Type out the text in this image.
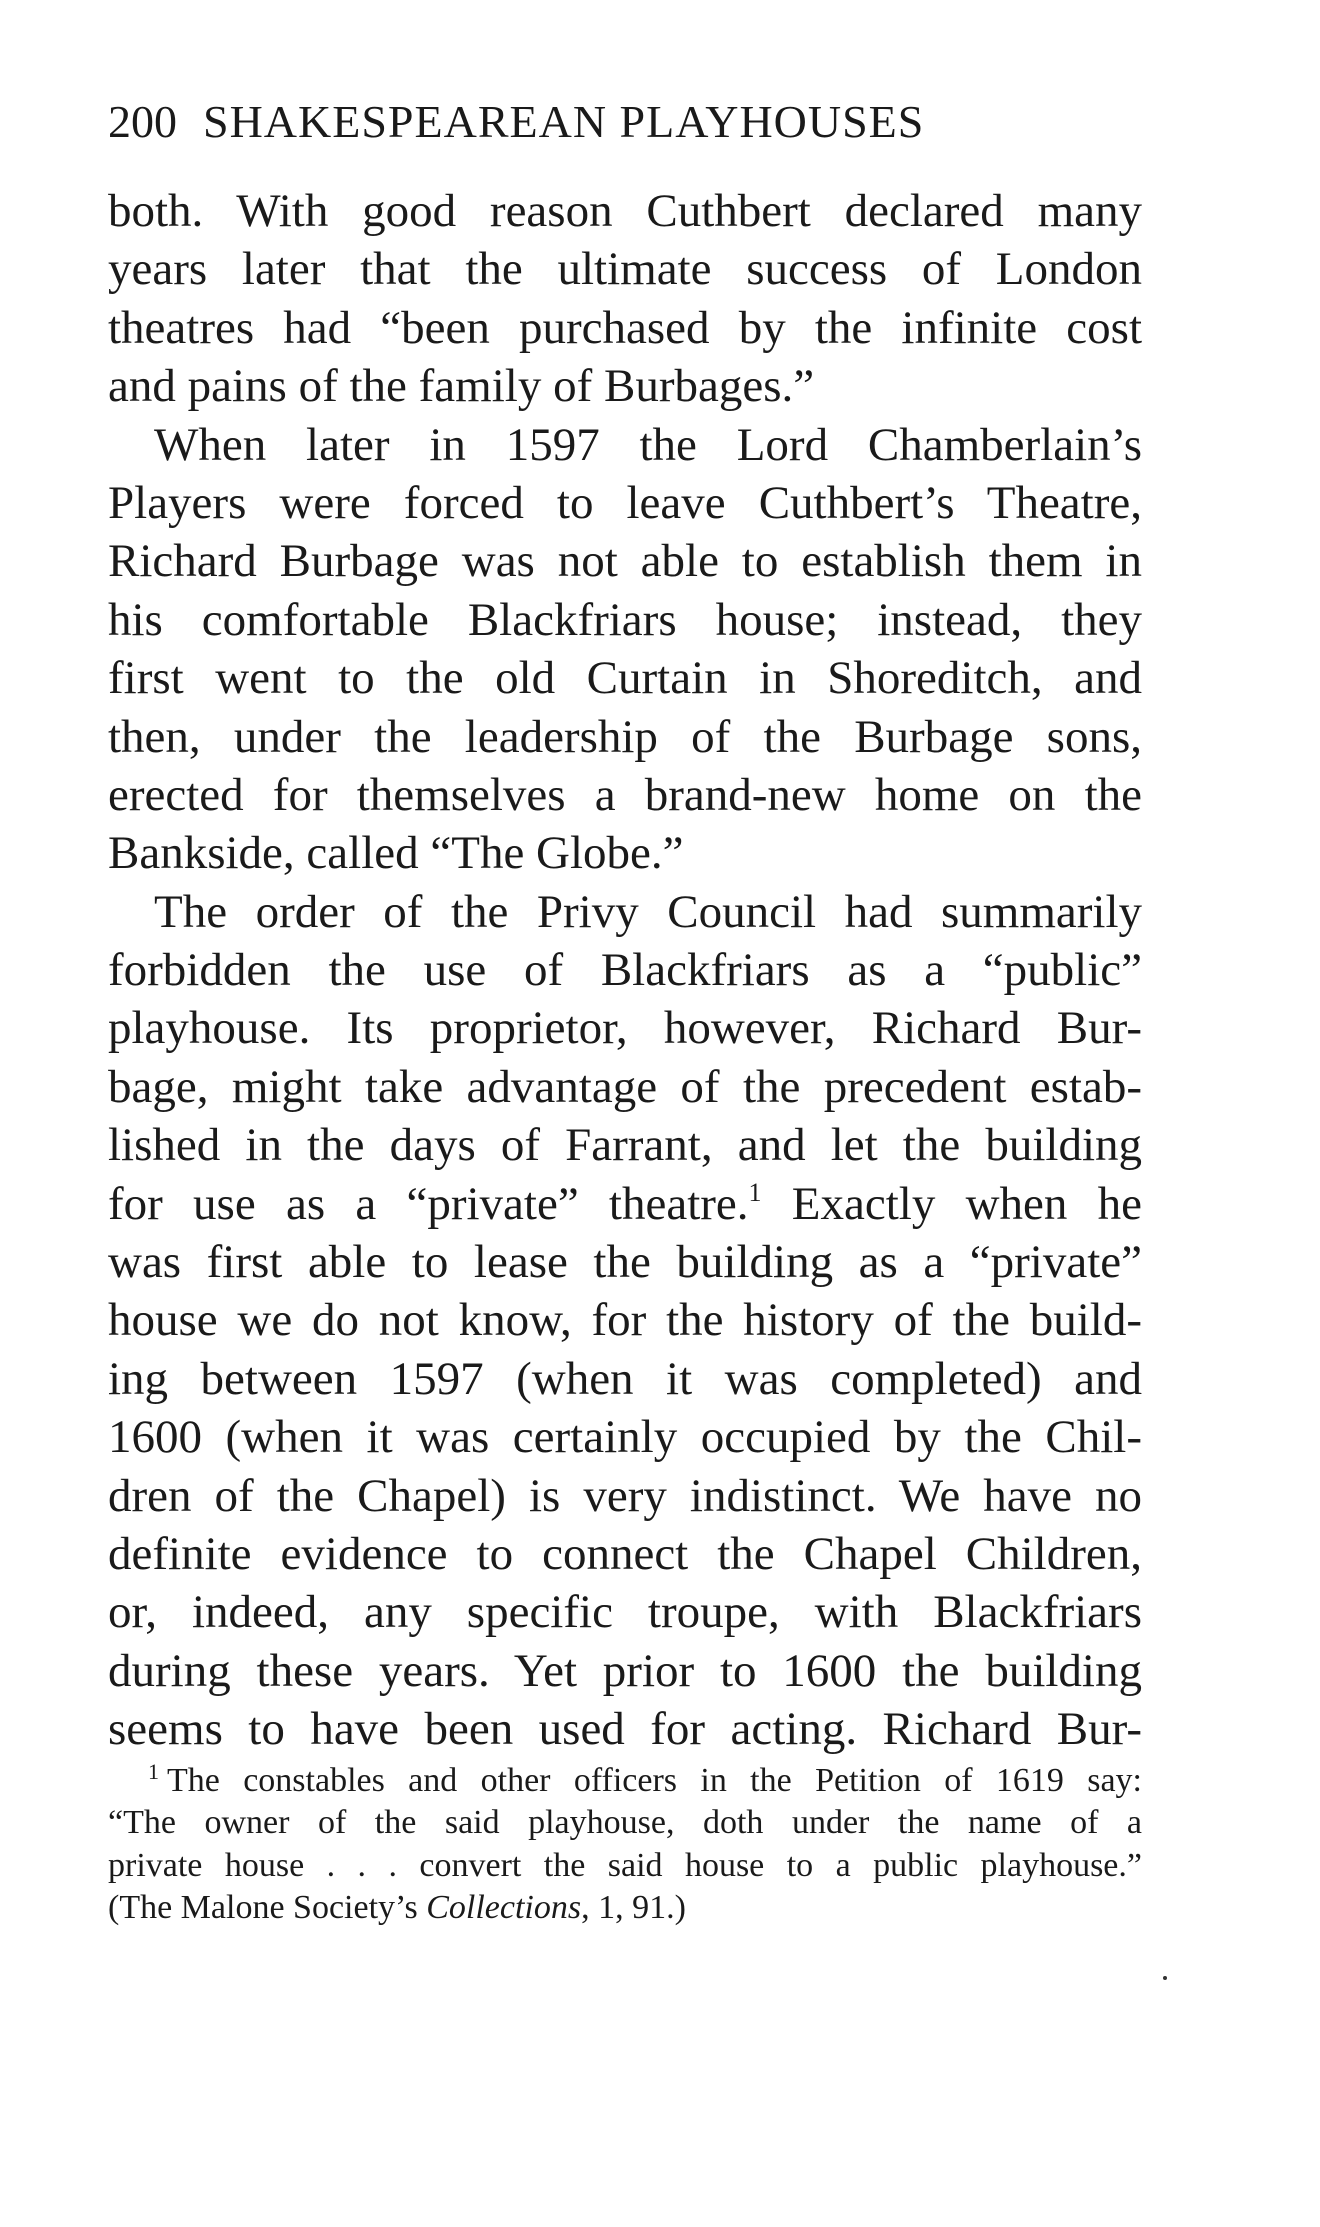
200 SHAKESPEAREAN PLAYHOUSES
both. With good reason Cuthbert declared many
years later that the ultimate success of London
theatres had “been purchased by the infinite cost
and pains of the family of Burbages.”
When later in 1597 the Lord Chamberlain’s
Players were forced to leave Cuthbert’s Theatre,
Richard Burbage was not able to establish them in
his comfortable Blackfriars house; instead, they
first went to the old Curtain in Shoreditch, and
then, under the leadership of the Burbage sons,
erected for themselves a brand-new home on the
Bankside, called “The Globe.”
The order of the Privy Council had summarily
forbidden the use of Blackfriars as a “public”
playhouse. Its proprietor, however, Richard Bur-
bage, might take advantage of the precedent estab-
lished in the days of Farrant, and let the building
for use as a “private” theatre.$^1$ Exactly when he
was first able to lease the building as a “private”
house we do not know, for the history of the build-
ing between 1597 (when it was completed) and
1600 (when it was certainly occupied by the Chil-
dren of the Chapel) is very indistinct. We have no
definite evidence to connect the Chapel Children,
or, indeed, any specific troupe, with Blackfriars
during these years. Yet prior to 1600 the building
seems to have been used for acting. Richard Bur-
$^1$ The constables and other officers in the Petition of 1619 say:
“The owner of the said playhouse, doth under the name of a
private house . . . convert the said house to a public playhouse.”
(The Malone Society’s Collections, 1, 91.)
